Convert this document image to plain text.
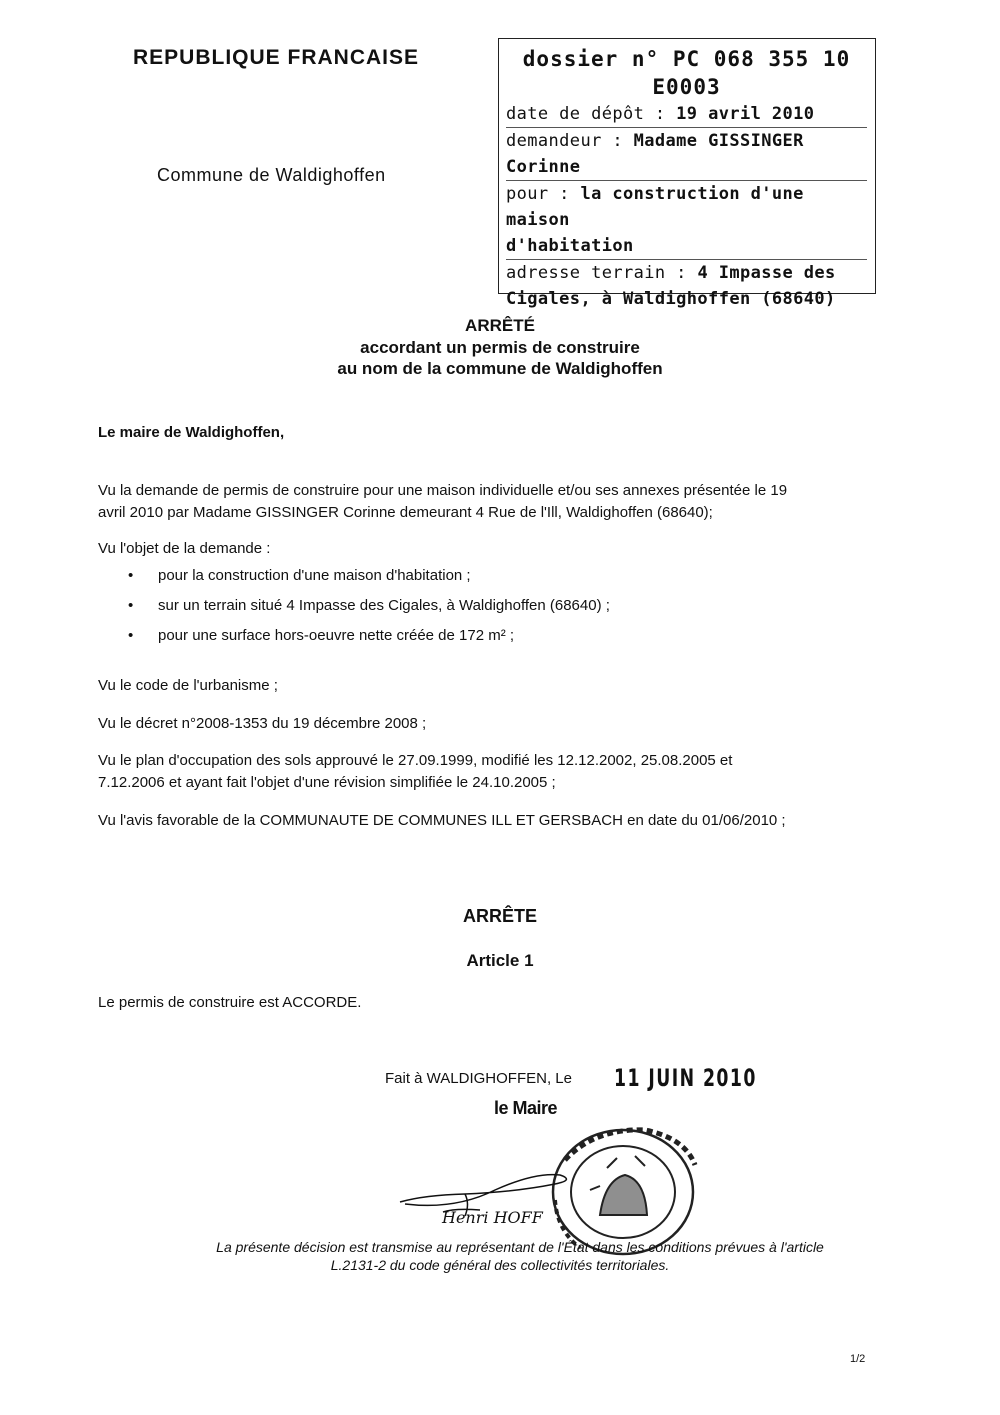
REPUBLIQUE FRANCAISE
Commune de Waldighoffen
dossier n° PC 068 355 10
E0003
date de dépôt : 19 avril 2010
demandeur : Madame GISSINGER
Corinne
pour : la construction d'une maison
d'habitation
adresse terrain : 4 Impasse des
Cigales, à Waldighoffen (68640)
ARRÊTÉ
accordant un permis de construire
au nom de la commune de Waldighoffen
Le maire de Waldighoffen,
Vu la demande de permis de construire pour une maison individuelle et/ou ses annexes présentée le 19
avril 2010 par Madame GISSINGER Corinne demeurant 4 Rue de l'Ill, Waldighoffen (68640);
Vu l'objet de la demande :
• pour la construction d'une maison d'habitation ;
• sur un terrain situé 4 Impasse des Cigales, à Waldighoffen (68640) ;
• pour une surface hors-oeuvre nette créée de 172 m² ;
Vu le code de l'urbanisme ;
Vu le décret n°2008-1353 du 19 décembre 2008 ;
Vu le plan d'occupation des sols approuvé le 27.09.1999, modifié les 12.12.2002, 25.08.2005 et
7.12.2006 et ayant fait l'objet d'une révision simplifiée le 24.10.2005 ;
Vu l'avis favorable de la COMMUNAUTE DE COMMUNES ILL ET GERSBACH en date du 01/06/2010 ;
ARRÊTE
Article 1
Le permis de construire est ACCORDE.
Fait à WALDIGHOFFEN, Le 11 JUIN 2010
le Maire
Henri HOFF
La présente décision est transmise au représentant de l'État dans les conditions prévues à l'article
L.2131-2 du code général des collectivités territoriales.
1/2
